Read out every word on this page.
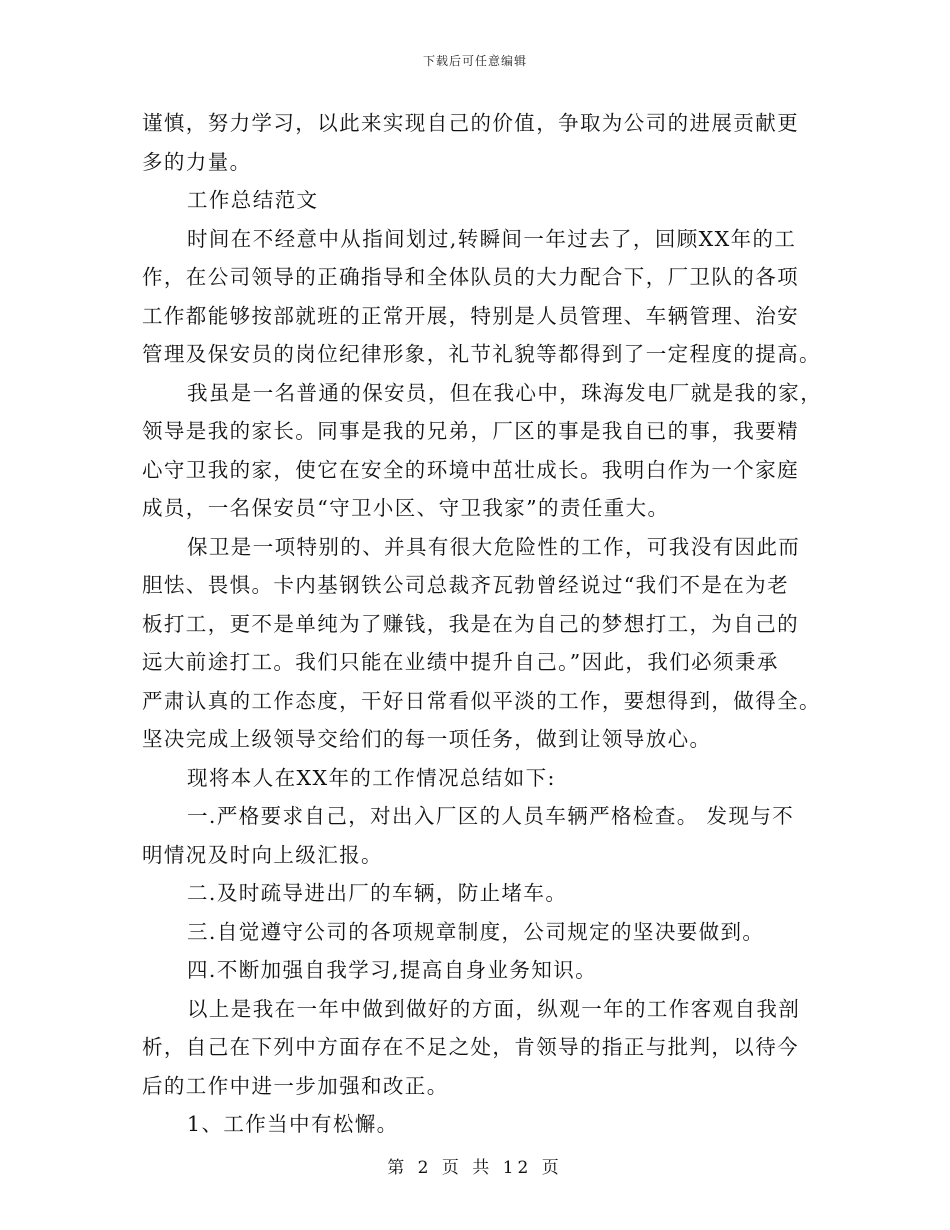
下载后可任意编辑
谨慎，努力学习，以此来实现自己的价值，争取为公司的进展贡献更
多的力量。
工作总结范文
时间在不经意中从指间划过,转瞬间一年过去了，回顾XX年的工
作，在公司领导的正确指导和全体队员的大力配合下，厂卫队的各项
工作都能够按部就班的正常开展，特别是人员管理、车辆管理、治安
管理及保安员的岗位纪律形象，礼节礼貌等都得到了一定程度的提高。
我虽是一名普通的保安员，但在我心中，珠海发电厂就是我的家，
领导是我的家长。同事是我的兄弟，厂区的事是我自已的事，我要精
心守卫我的家，使它在安全的环境中茁壮成长。我明白作为一个家庭
成员，一名保安员“守卫小区、守卫我家”的责任重大。
保卫是一项特别的、并具有很大危险性的工作，可我没有因此而
胆怯、畏惧。卡内基钢铁公司总裁齐瓦勃曾经说过“我们不是在为老
板打工，更不是单纯为了赚钱，我是在为自己的梦想打工，为自己的
远大前途打工。我们只能在业绩中提升自己。”因此，我们必须秉承
严肃认真的工作态度，干好日常看似平淡的工作，要想得到，做得全。
坚决完成上级领导交给们的每一项任务，做到让领导放心。
现将本人在XX年的工作情况总结如下:
一.严格要求自己，对出入厂区的人员车辆严格检查。 发现与不
明情况及时向上级汇报。
二.及时疏导进出厂的车辆，防止堵车。
三.自觉遵守公司的各项规章制度，公司规定的坚决要做到。
四.不断加强自我学习,提高自身业务知识。
以上是我在一年中做到做好的方面，纵观一年的工作客观自我剖
析，自己在下列中方面存在不足之处，肯领导的指正与批判，以待今
后的工作中进一步加强和改正。
1、工作当中有松懈。
第 2 页 共 12 页
